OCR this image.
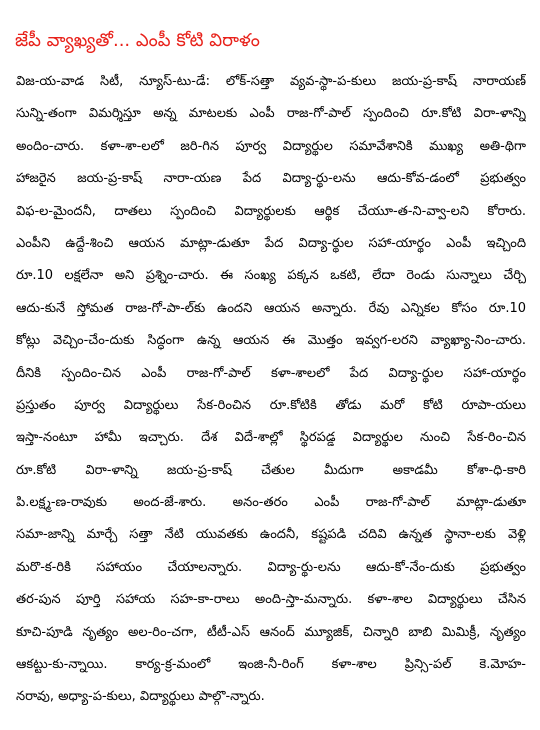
జేపీ వ్యాఖ్యతో... ఎంపీ కోటి విరాళం
విజ-య-వాడ సిటీ, న్యూస్-టు-డే: లోక్-స‌త్తా వ్యవ‌-స్థా-ప‌-కులు జయ-ప్ర-కాష్ నారాయ‌ణ్
సున్ని-తంగా విమ‌ర్శి‌స్తూ అన్న మాట‌ల‌కు ఎంపీ రాజ‌-గో-పాల్ స్పందించి రూ.కోటి విరా-ళాన్ని
అందిం-చారు. కళా-శా-ల‌లో జ‌రి-గిన పూర్వ విద్యా‌ర్థుల సమావేశానికి ముఖ్య అతి-థిగా
హాజ‌రైన జయ-ప్ర-కాష్ నారా-య‌ణ పేద విద్యా-ర్థు-లను ఆదు-కోవ-డంలో ప్రభుత్వం
విఫ-ల-మైందనీ, దాతలు స్పందించి విద్యార్థులకు ఆర్థిక చేయూ-త-ని-వ్వా-లని కోరారు.
ఎంపీని ఉద్దే-శించి ఆయన మాట్లా-డుతూ పేద విద్యా-ర్థుల స‌హా-యా‌ర్థం ఎంపీ ఇచ్చింది
రూ.10 లక్షలేనా అని ప్రశ్నిం-చారు. ఈ సంఖ్య పక్కన ఒకటి, లేదా రెండు సున్నాలు చేర్చి
ఆదు-కునే స్తోమత రాజ-గో-పా-ల్‌కు ఉందని ఆయన అన్నారు. రేవు ఎన్నికల కోసం రూ.10
కోట్లు వెచ్చిం-చేం-దుకు సిద్ధంగా ఉన్న ఆయన ఈ మొత్తం ఇవ్వగ-లరని వ్యాఖ్యా-నిం-చారు.
దీనికి స్పందిం-చిన ఎంపీ రాజ-గో-పాల్ కళా-శాలలో పేద విద్యా-ర్థుల స‌హా-యా‌ర్థం
ప్రస్తుతం పూర్వ విద్యా‌ర్థులు సేక-రించిన రూ.కోటికి తోడు మరో కోటి రూపా-యలు
ఇస్తా-నంటూ హామీ ఇచ్చారు. దేశ విదే-శాల్లో స్థిర‌పడ్డ విద్యార్థుల నుంచి సేక-రిం-చిన
రూ.కోటి విరా-ళాన్ని జయ-ప్ర-కాష్ చేతుల మీదుగా అకాడమీ కోశా-ధి-కారి
పి.ల‌క్ష్మ-ణ-రావుకు అంద-జే-శారు. అనం-తరం ఎంపీ రాజ-గో-పాల్ మాట్లా-డుతూ
సమా-జాన్ని మార్చే సత్తా నేటి యువతకు ఉందనీ, కష్టపడి చదివి ఉన్నత స్థానా-లకు వెళ్లి
మరొ-క-రికి సహాయం చేయాలన్నారు. విద్యా-ర్థు-లను ఆదు-కో-నేం-దుకు ప్రభుత్వం
తర-పున పూర్తి సహాయ సహ-కా-రాలు అంది-స్తా-మన్నారు. కళా-శాల విద్యా‌ర్థులు చేసిన
కూచి-పూడి నృత్యం అల-రిం-చగా, టీటీ-ఎస్ ఆనంద్ మ్యూజిక్, చిన్నారి బాబి మిమిక్రీ, నృత్యం
ఆక‌ట్టు-కు-న్నాయి. కార్య-క్ర-మంలో ఇంజి-నీ-రింగ్ కళా-శాల ప్రిన్సి-పల్ కె.మోహ‌-
న‌రావు, అధ్యా-ప-కులు, విద్యా‌ర్థులు పాల్గొ-న్నారు.
